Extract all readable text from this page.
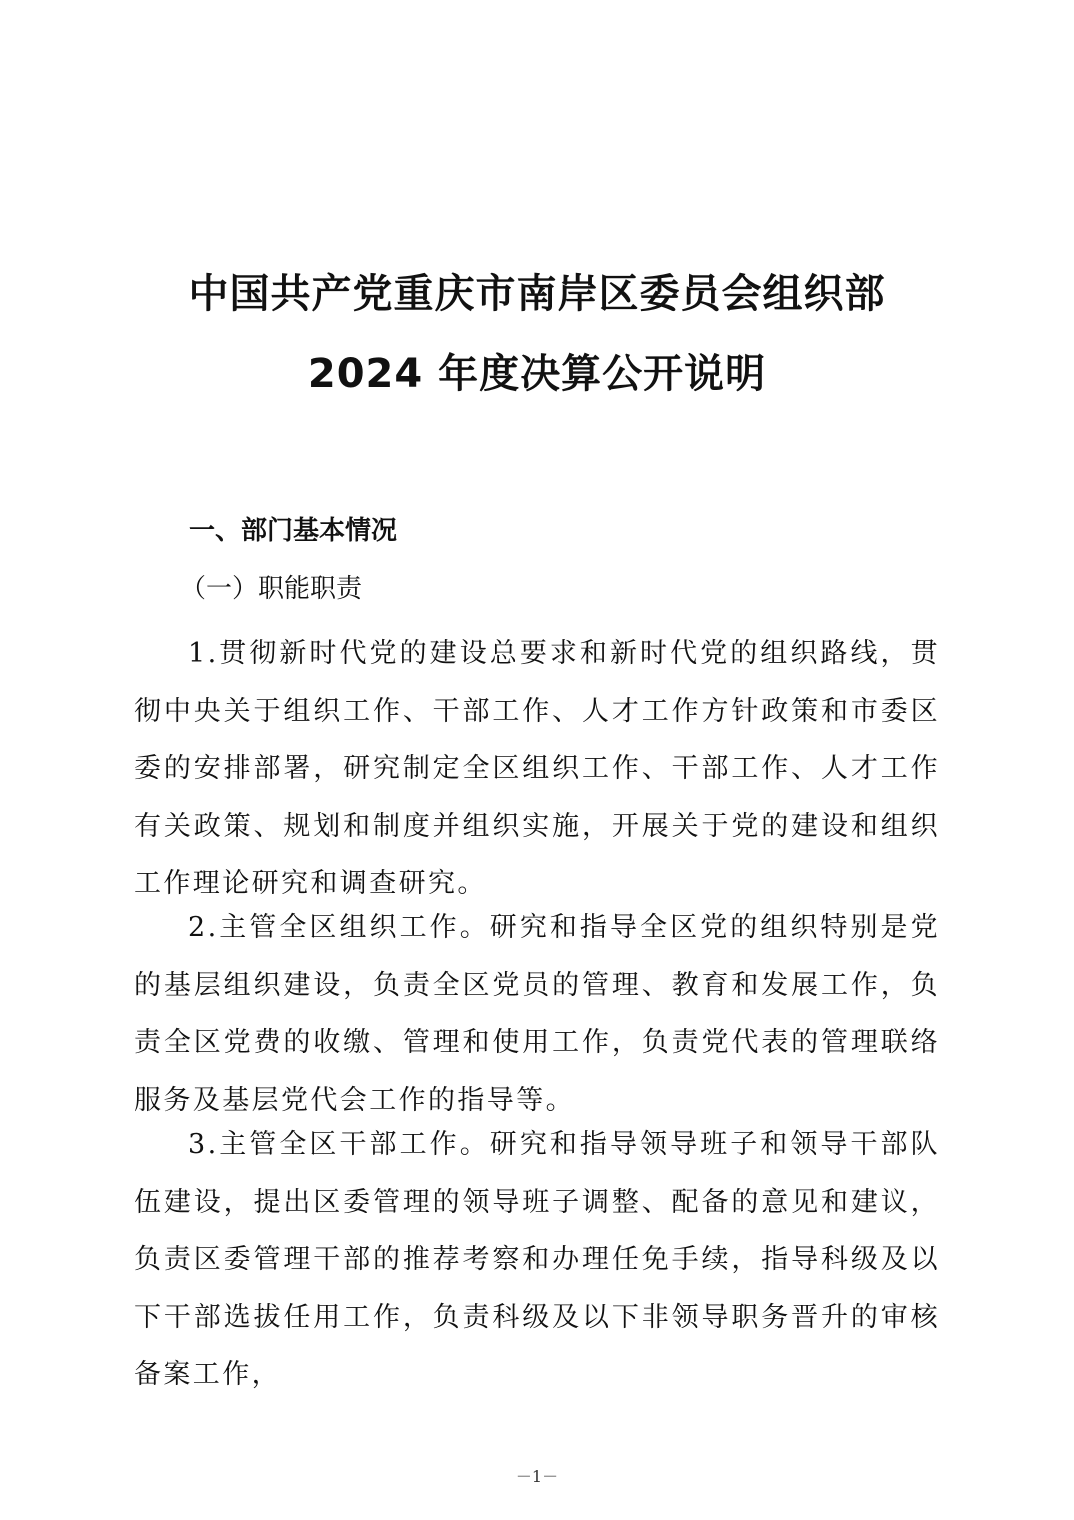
中国共产党重庆市南岸区委员会组织部
2024 年度决算公开说明
一、部门基本情况
（一）职能职责
1.贯彻新时代党的建设总要求和新时代党的组织路线，贯彻中央关于组织工作、干部工作、人才工作方针政策和市委区委的安排部署，研究制定全区组织工作、干部工作、人才工作有关政策、规划和制度并组织实施，开展关于党的建设和组织工作理论研究和调查研究。
2.主管全区组织工作。研究和指导全区党的组织特别是党的基层组织建设，负责全区党员的管理、教育和发展工作，负责全区党费的收缴、管理和使用工作，负责党代表的管理联络服务及基层党代会工作的指导等。
3.主管全区干部工作。研究和指导领导班子和领导干部队伍建设，提出区委管理的领导班子调整、配备的意见和建议，负责区委管理干部的推荐考察和办理任免手续，指导科级及以下干部选拔任用工作，负责科级及以下非领导职务晋升的审核备案工作，
－1－
